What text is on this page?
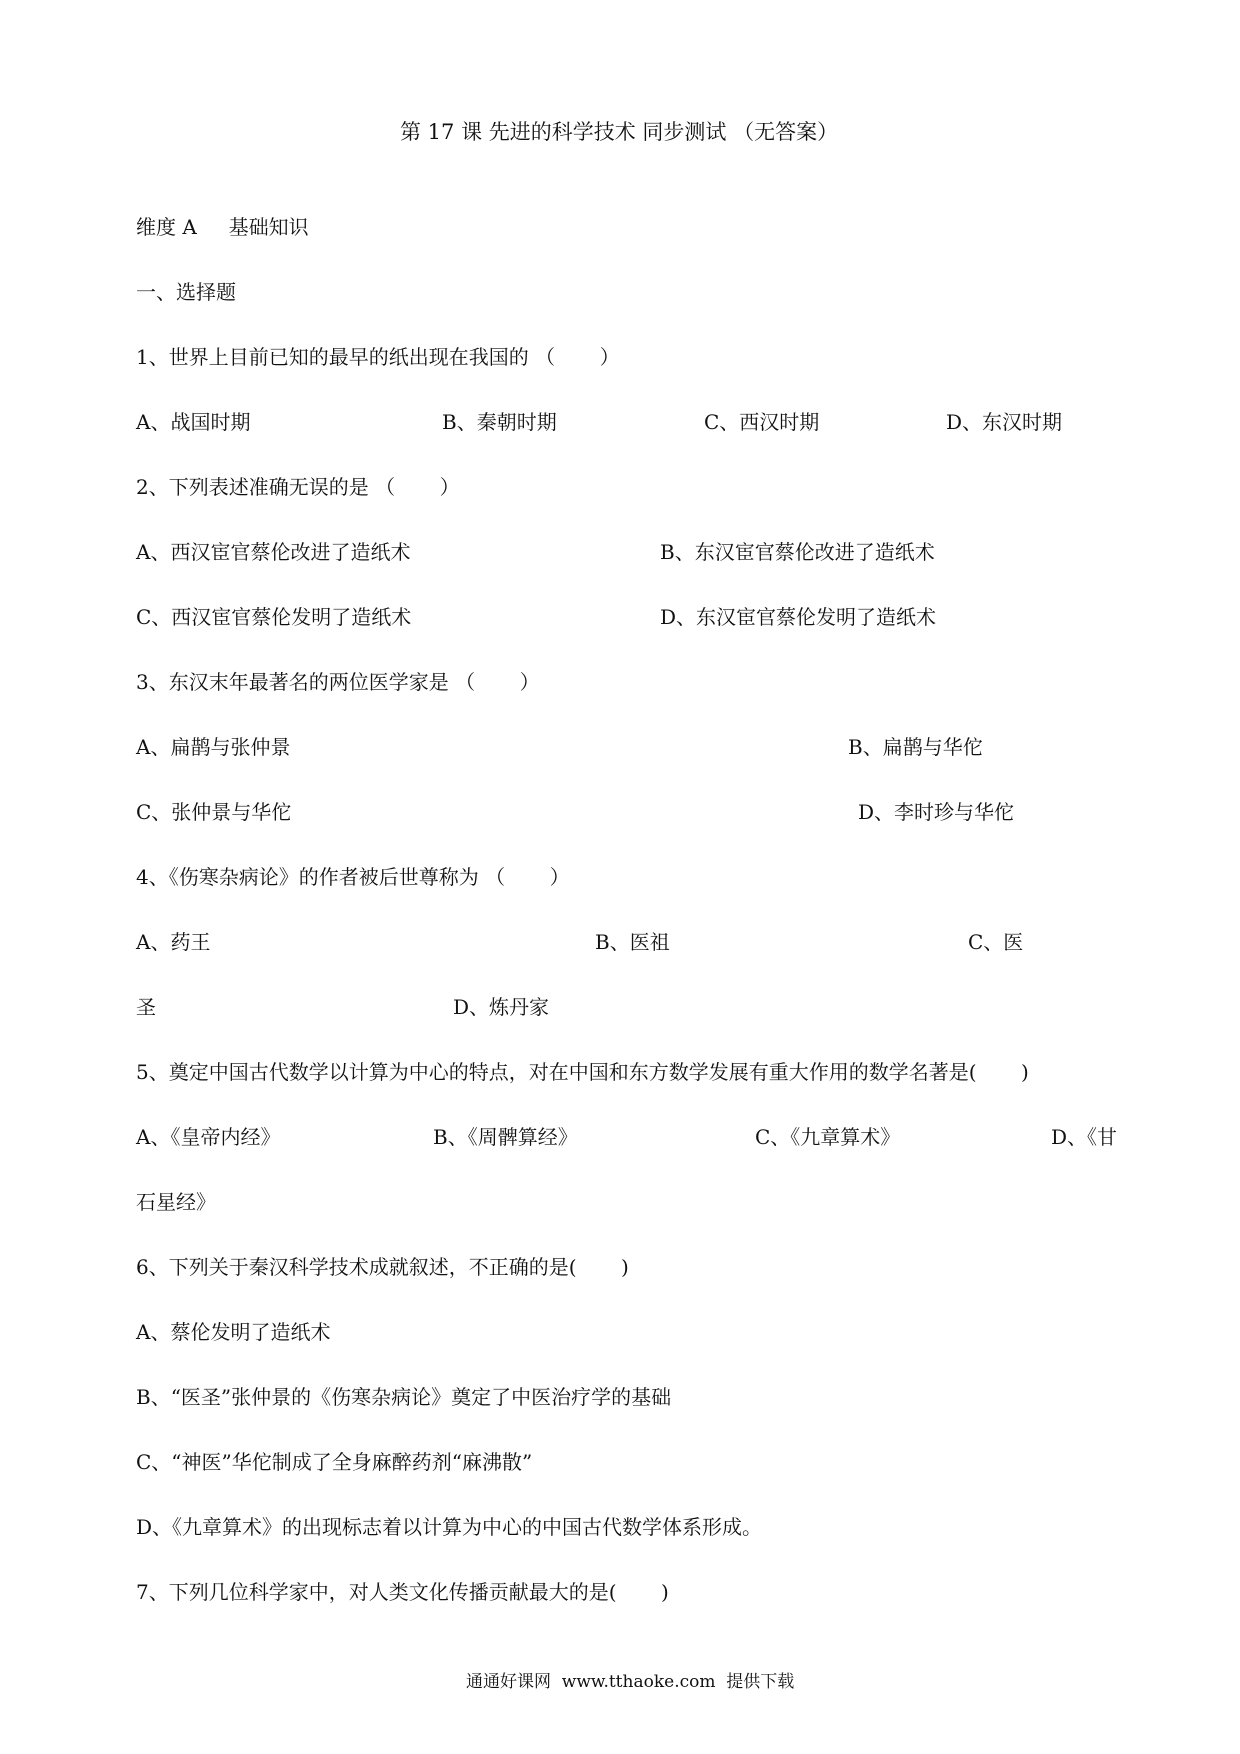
第 17 课 先进的科学技术 同步测试 （无答案）
维度 A     基础知识
一、选择题
1、世界上目前已知的最早的纸出现在我国的 （       ）
A、战国时期	B、秦朝时期	C、西汉时期	D、东汉时期
2、下列表述准确无误的是 （       ）
A、西汉宦官蔡伦改进了造纸术	B、东汉宦官蔡伦改进了造纸术
C、西汉宦官蔡伦发明了造纸术	D、东汉宦官蔡伦发明了造纸术
3、东汉末年最著名的两位医学家是 （       ）
A、扁鹊与张仲景	B、扁鹊与华佗
C、张仲景与华佗	D、李时珍与华佗
4、《伤寒杂病论》的作者被后世尊称为 （       ）
A、药王	B、医祖	C、医
圣	D、炼丹家
5、奠定中国古代数学以计算为中心的特点，对在中国和东方数学发展有重大作用的数学名著是(       )
A、《皇帝内经》	B、《周髀算经》	C、《九章算术》	D、《甘
石星经》
6、下列关于秦汉科学技术成就叙述，不正确的是(       )
A、蔡伦发明了造纸术
B、“医圣”张仲景的《伤寒杂病论》奠定了中医治疗学的基础
C、“神医”华佗制成了全身麻醉药剂“麻沸散”
D、《九章算术》的出现标志着以计算为中心的中国古代数学体系形成。
7、下列几位科学家中，对人类文化传播贡献最大的是(       )
通通好课网  www.tthaoke.com  提供下载
